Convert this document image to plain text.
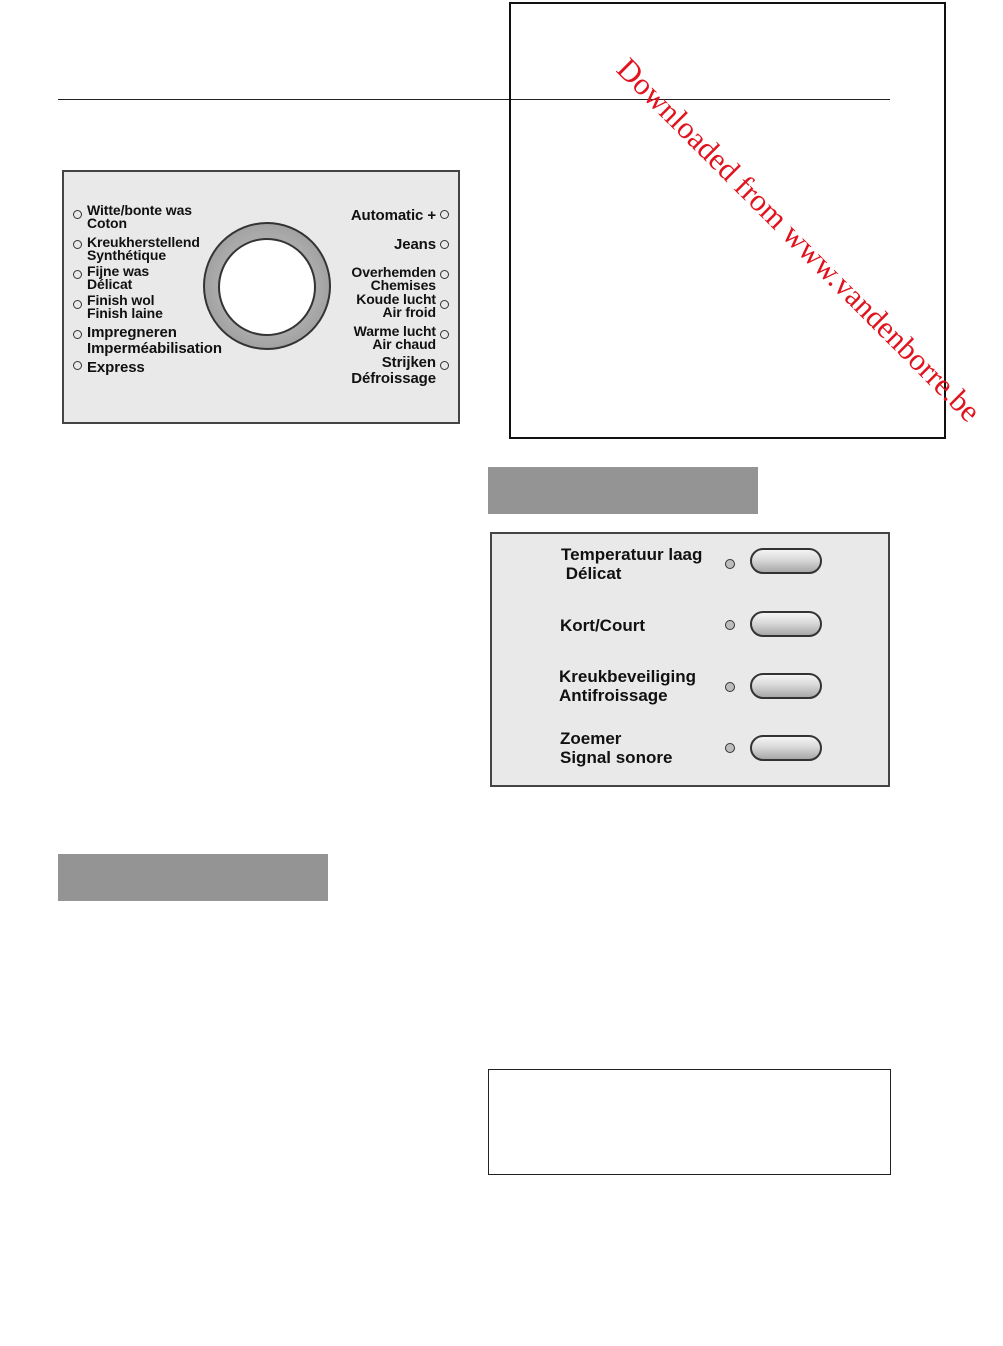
Downloaded from www.vandenborre.be
Witte/bonte was
Coton
Kreukherstellend
Synthétique
Fijne was
Délicat
Finish wol
Finish laine
Impregneren
Imperméabilisation
Express
Automatic +
Jeans
Overhemden
Chemises
Koude lucht
Air froid
Warme lucht
Air chaud
Strijken
Défroissage
Temperatuur laag
Délicat
Kort/Court
Kreukbeveiliging
Antifroissage
Zoemer
Signal sonore
